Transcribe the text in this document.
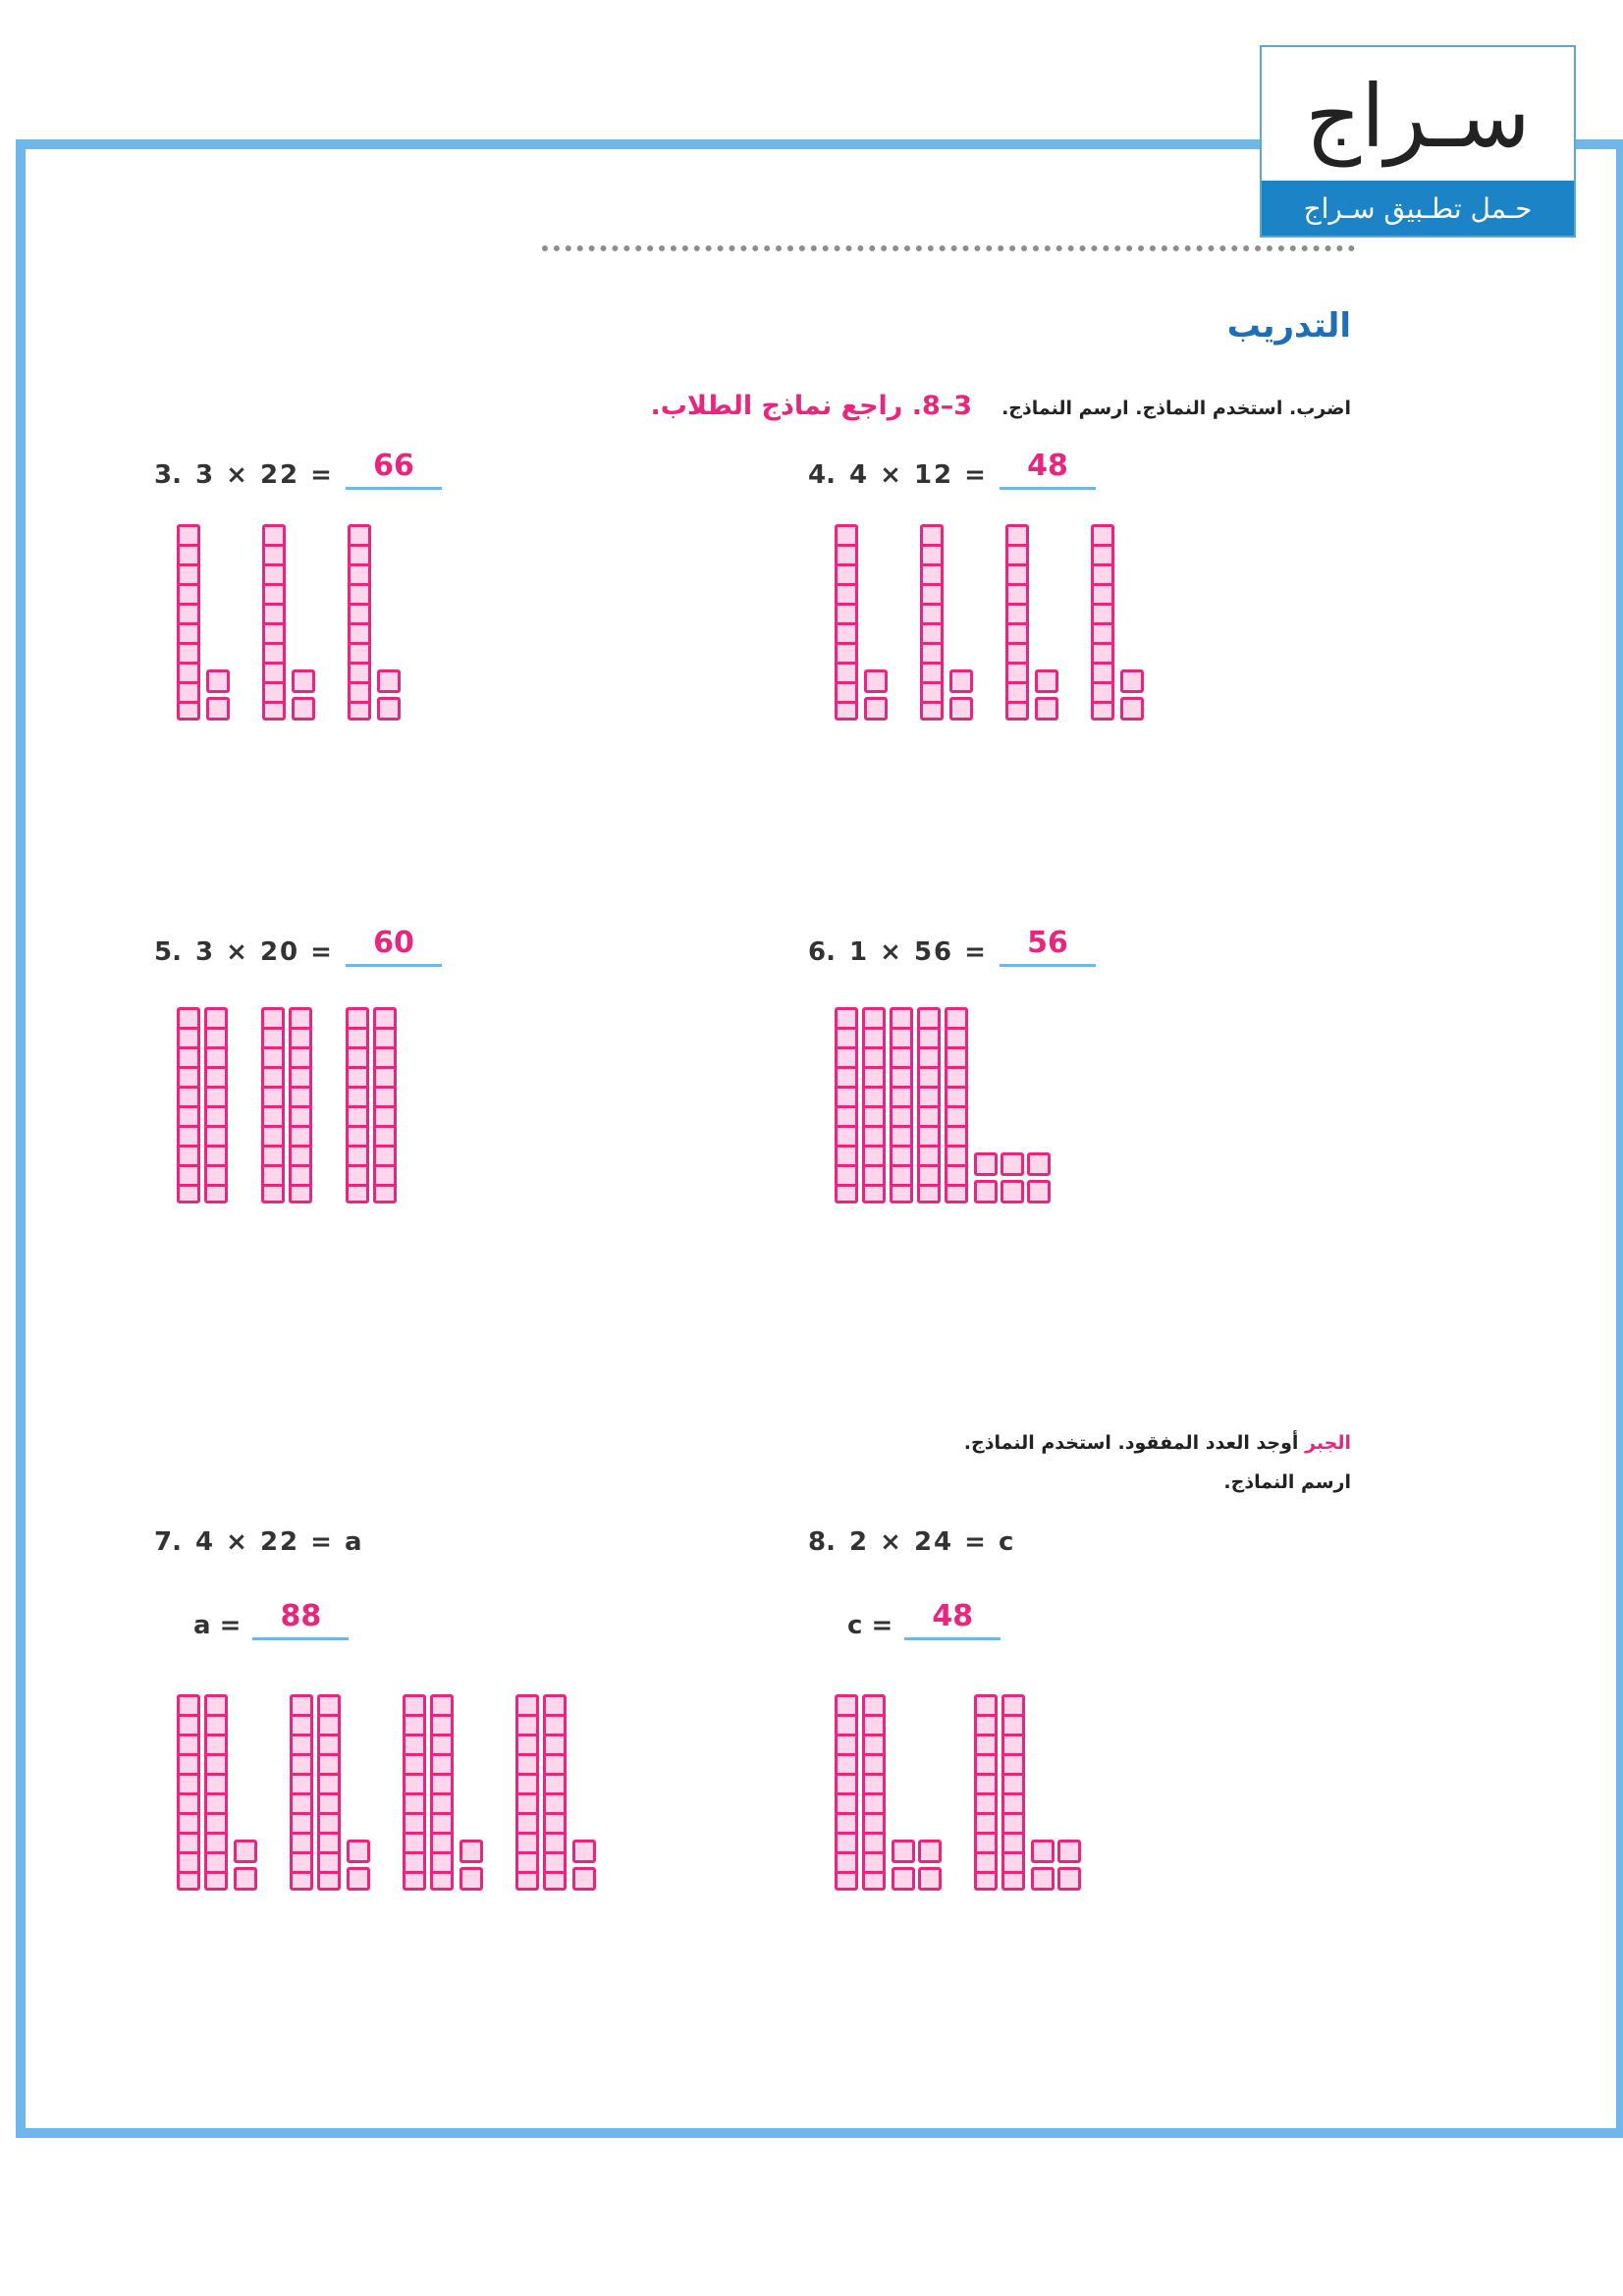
سـراج
حـمل تطـبيق سـراج
التدريب
اضرب. استخدم النماذج. ارسم النماذج.
3–8. راجع نماذج الطلاب.
3. 3 × 22 =	66	4. 4 × 12 =	48
5. 3 × 20 =	60	6. 1 × 56 =	56
الجبر أوجد العدد المفقود. استخدم النماذج.
ارسم النماذج.
7. 4 × 22 = a
a =	88
8. 2 × 24 = c
c =	48
